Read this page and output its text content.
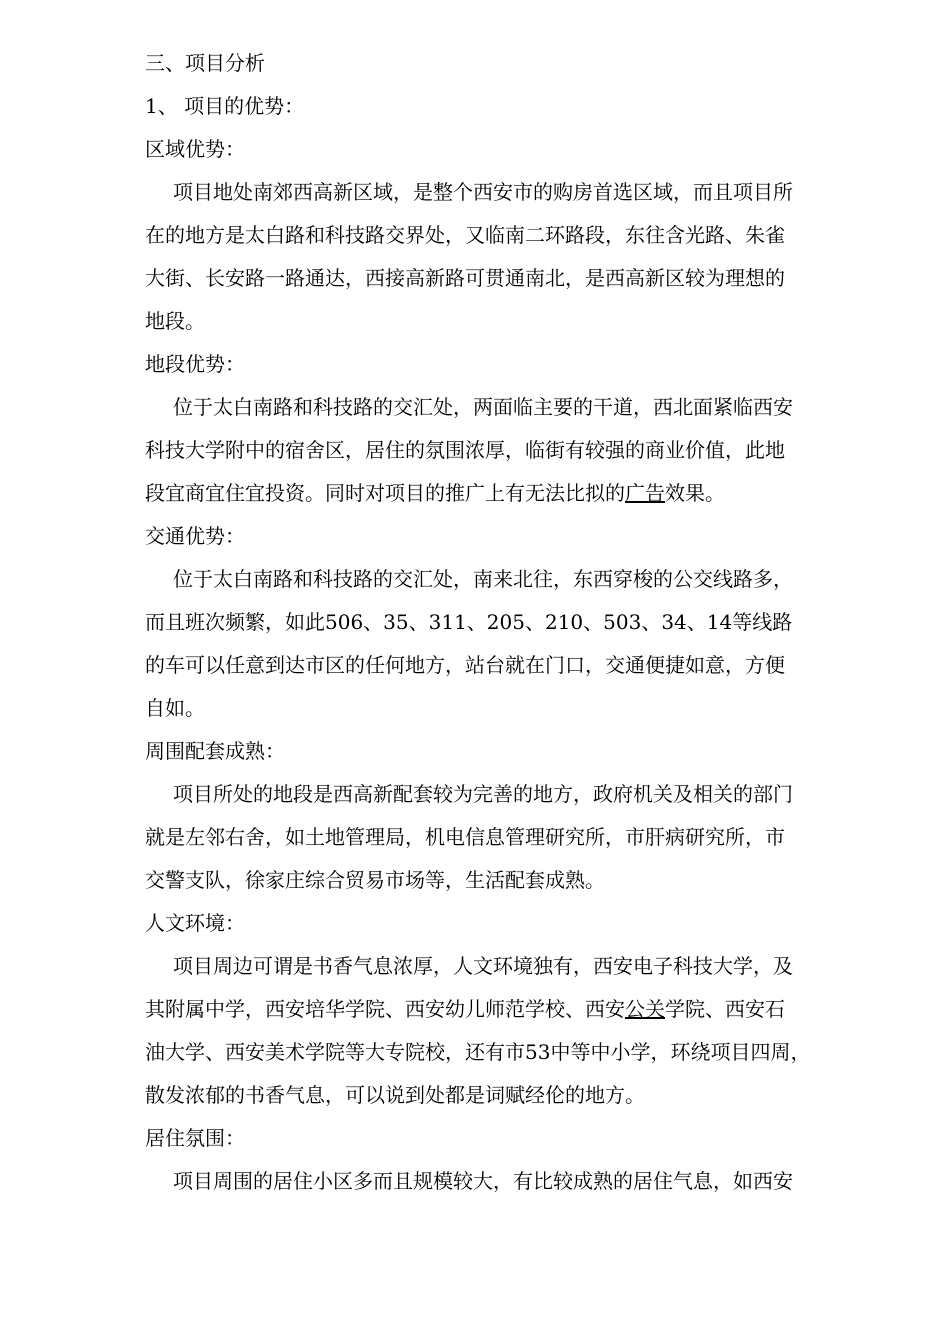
三、项目分析
1、 项目的优势：
区域优势：
项目地处南郊西高新区域，是整个西安市的购房首选区域，而且项目所
在的地方是太白路和科技路交界处，又临南二环路段，东往含光路、朱雀
大街、长安路一路通达，西接高新路可贯通南北，是西高新区较为理想的
地段。
地段优势：
位于太白南路和科技路的交汇处，两面临主要的干道，西北面紧临西安
科技大学附中的宿舍区，居住的氛围浓厚，临街有较强的商业价值，此地
段宜商宜住宜投资。同时对项目的推广上有无法比拟的广告效果。
交通优势：
位于太白南路和科技路的交汇处，南来北往，东西穿梭的公交线路多，
而且班次频繁，如此506、35、311、205、210、503、34、14等线路
的车可以任意到达市区的任何地方，站台就在门口，交通便捷如意，方便
自如。
周围配套成熟：
项目所处的地段是西高新配套较为完善的地方，政府机关及相关的部门
就是左邻右舍，如土地管理局，机电信息管理研究所，市肝病研究所，市
交警支队，徐家庄综合贸易市场等，生活配套成熟。
人文环境：
项目周边可谓是书香气息浓厚，人文环境独有，西安电子科技大学，及
其附属中学，西安培华学院、西安幼儿师范学校、西安公关学院、西安石
油大学、西安美术学院等大专院校，还有市53中等中小学，环绕项目四周，
散发浓郁的书香气息，可以说到处都是词赋经伦的地方。
居住氛围：
项目周围的居住小区多而且规模较大，有比较成熟的居住气息，如西安
